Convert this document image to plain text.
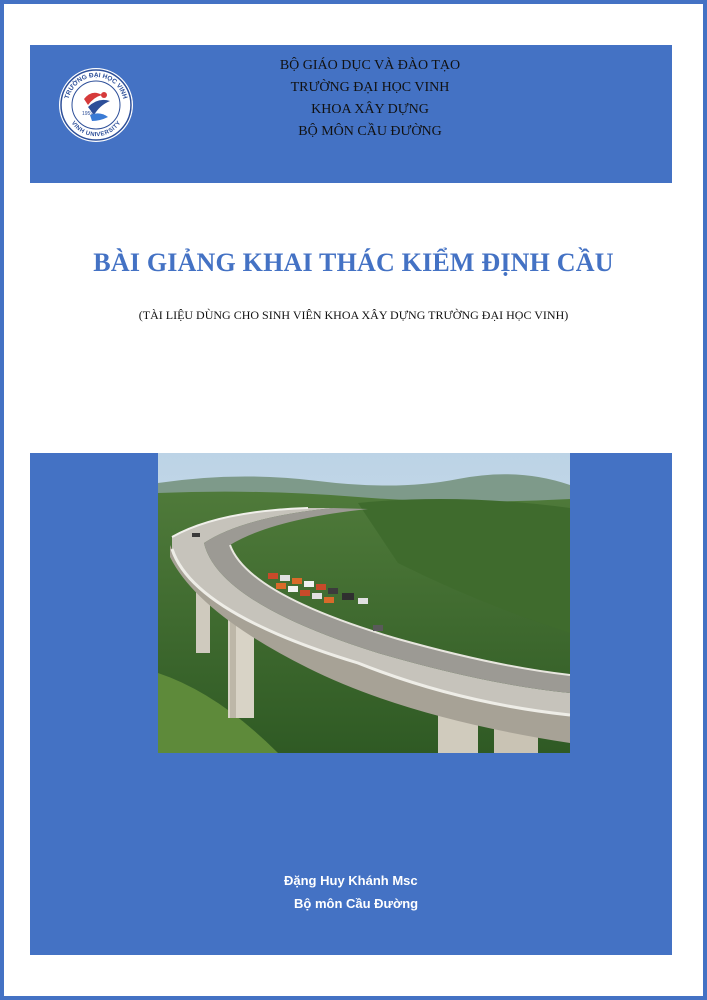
TRƯỜNG ĐẠI HỌC VINH
VINH UNIVERSITY
1959
BỘ GIÁO DỤC VÀ ĐÀO TẠO
TRƯỜNG ĐẠI HỌC VINH
KHOA XÂY DỰNG
BỘ MÔN CẦU ĐƯỜNG
BÀI GIẢNG KHAI THÁC KIỂM ĐỊNH CẦU
(TÀI LIỆU DÙNG CHO SINH VIÊN KHOA XÂY DỰNG TRƯỜNG ĐẠI HỌC VINH)
Đặng Huy Khánh Msc
Bộ môn Cầu Đường
